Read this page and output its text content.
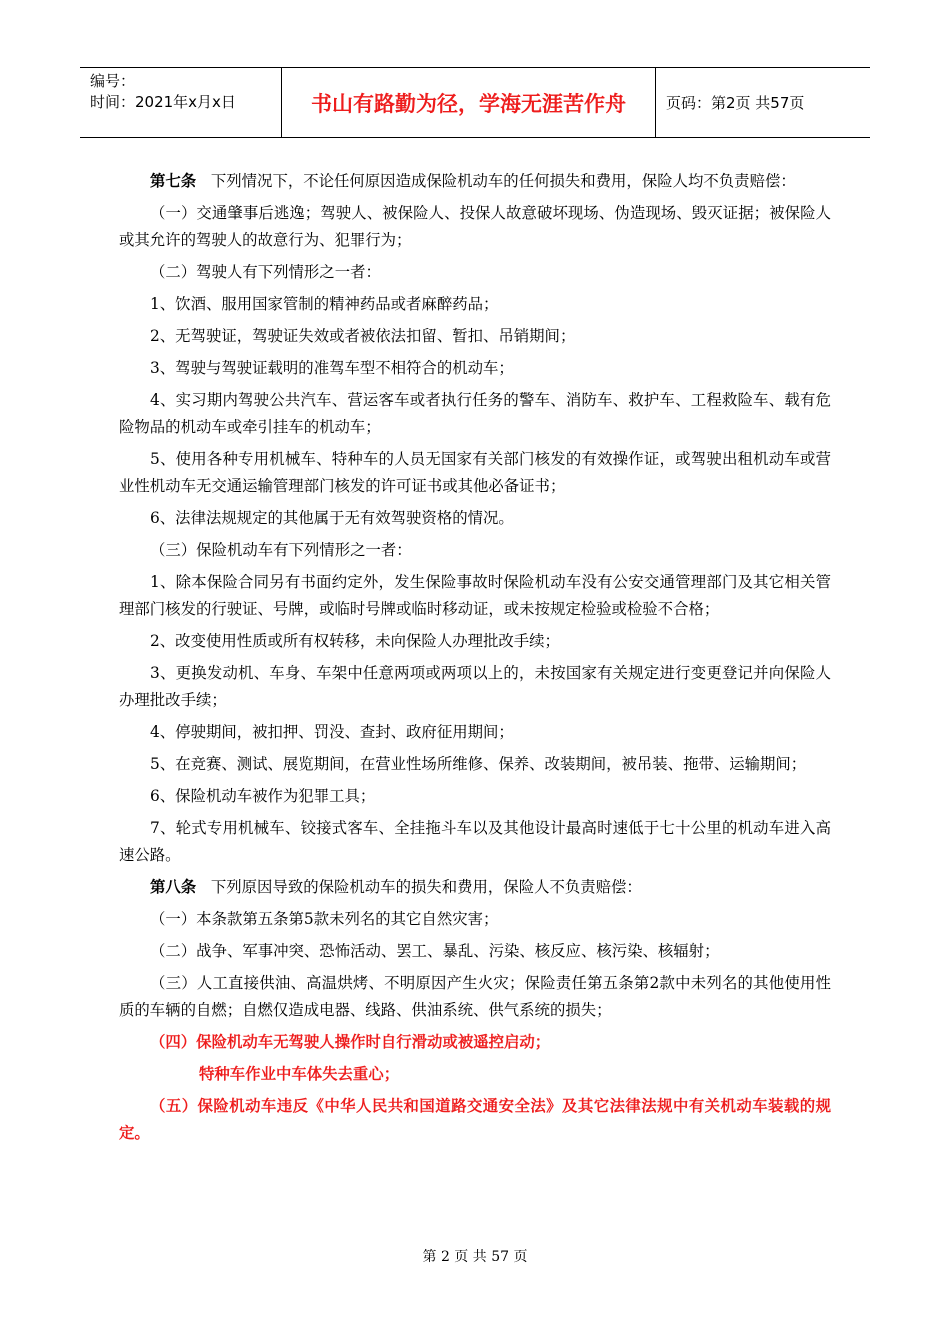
编号：
时间：2021年x月x日	书山有路勤为径，学海无涯苦作舟	页码：第2页 共57页

第七条 下列情况下，不论任何原因造成保险机动车的任何损失和费用，保险人均不负责赔偿：

（一）交通肇事后逃逸；驾驶人、被保险人、投保人故意破坏现场、伪造现场、毁灭证据；被保险人或其允许的驾驶人的故意行为、犯罪行为；

（二）驾驶人有下列情形之一者：

1、饮酒、服用国家管制的精神药品或者麻醉药品；

2、无驾驶证，驾驶证失效或者被依法扣留、暂扣、吊销期间；

3、驾驶与驾驶证载明的准驾车型不相符合的机动车；

4、实习期内驾驶公共汽车、营运客车或者执行任务的警车、消防车、救护车、工程救险车、载有危险物品的机动车或牵引挂车的机动车；

5、使用各种专用机械车、特种车的人员无国家有关部门核发的有效操作证，或驾驶出租机动车或营业性机动车无交通运输管理部门核发的许可证书或其他必备证书；

6、法律法规规定的其他属于无有效驾驶资格的情况。

（三）保险机动车有下列情形之一者：

1、除本保险合同另有书面约定外，发生保险事故时保险机动车没有公安交通管理部门及其它相关管理部门核发的行驶证、号牌，或临时号牌或临时移动证，或未按规定检验或检验不合格；

2、改变使用性质或所有权转移，未向保险人办理批改手续；

3、更换发动机、车身、车架中任意两项或两项以上的，未按国家有关规定进行变更登记并向保险人办理批改手续；

4、停驶期间，被扣押、罚没、查封、政府征用期间；

5、在竞赛、测试、展览期间，在营业性场所维修、保养、改装期间，被吊装、拖带、运输期间；

6、保险机动车被作为犯罪工具；

7、轮式专用机械车、铰接式客车、全挂拖斗车以及其他设计最高时速低于七十公里的机动车进入高速公路。

第八条 下列原因导致的保险机动车的损失和费用，保险人不负责赔偿：

（一）本条款第五条第5款未列名的其它自然灾害；

（二）战争、军事冲突、恐怖活动、罢工、暴乱、污染、核反应、核污染、核辐射；

（三）人工直接供油、高温烘烤、不明原因产生火灾；保险责任第五条第2款中未列名的其他使用性质的车辆的自燃；自燃仅造成电器、线路、供油系统、供气系统的损失；

（四）保险机动车无驾驶人操作时自行滑动或被遥控启动；

特种车作业中车体失去重心；

（五）保险机动车违反《中华人民共和国道路交通安全法》及其它法律法规中有关机动车装载的规定。

第 2 页 共 57 页
